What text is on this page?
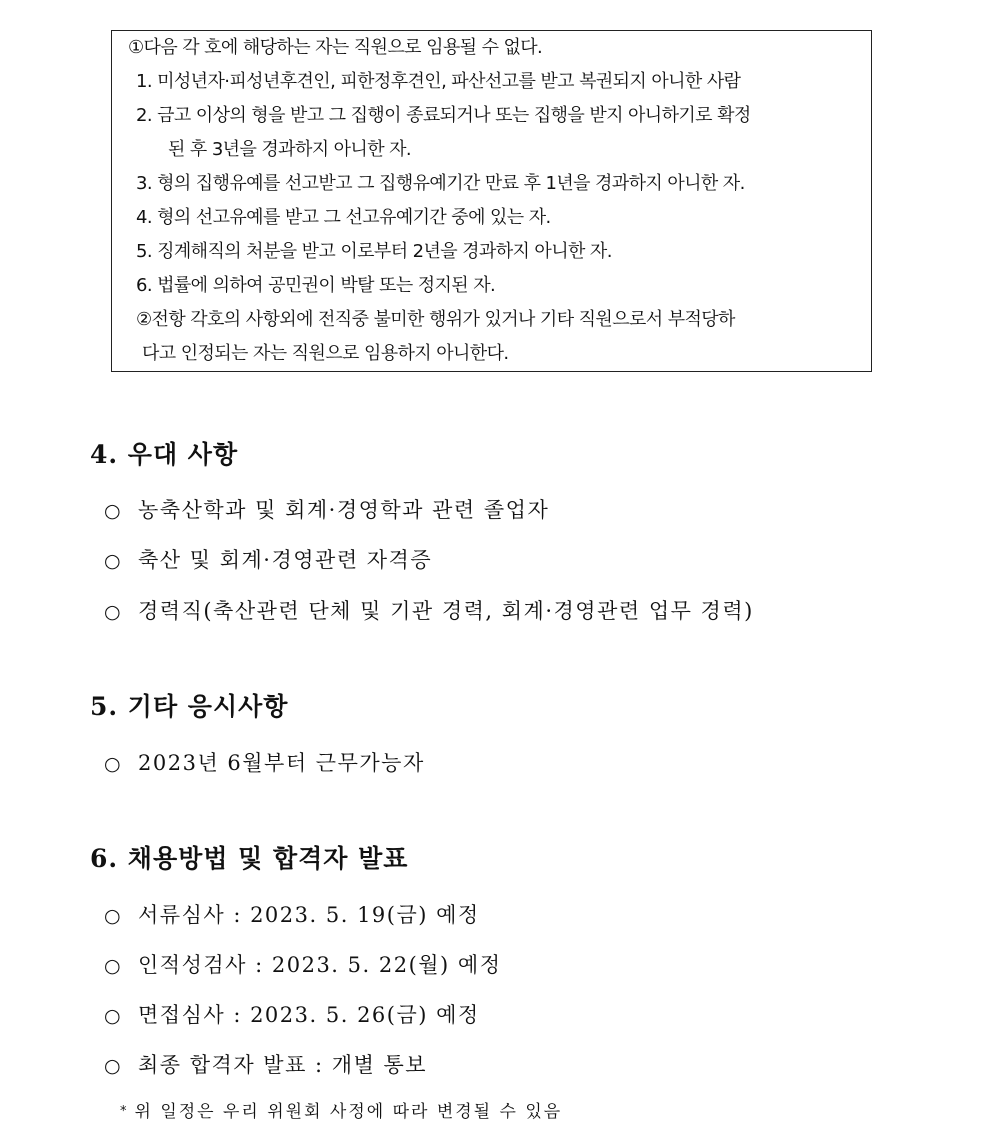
①다음 각 호에 해당하는 자는 직원으로 임용될 수 없다.
1. 미성년자·피성년후견인, 피한정후견인, 파산선고를 받고 복권되지 아니한 사람
2. 금고 이상의 형을 받고 그 집행이 종료되거나 또는 집행을 받지 아니하기로 확정
된 후 3년을 경과하지 아니한 자.
3. 형의 집행유예를 선고받고 그 집행유예기간 만료 후 1년을 경과하지 아니한 자.
4. 형의 선고유예를 받고 그 선고유예기간 중에 있는 자.
5. 징계해직의 처분을 받고 이로부터 2년을 경과하지 아니한 자.
6. 법률에 의하여 공민권이 박탈 또는 정지된 자.
②전항 각호의 사항외에 전직중 불미한 행위가 있거나 기타 직원으로서 부적당하
다고 인정되는 자는 직원으로 임용하지 아니한다.
4. 우대 사항
○ 농축산학과 및 회계·경영학과 관련 졸업자
○ 축산 및 회계·경영관련 자격증
○ 경력직(축산관련 단체 및 기관 경력, 회계·경영관련 업무 경력)
5. 기타 응시사항
○ 2023년 6월부터 근무가능자
6. 채용방법 및 합격자 발표
○ 서류심사 : 2023. 5. 19(금) 예정
○ 인적성검사 : 2023. 5. 22(월) 예정
○ 면접심사 : 2023. 5. 26(금) 예정
○ 최종 합격자 발표 : 개별 통보
* 위 일정은 우리 위원회 사정에 따라 변경될 수 있음
